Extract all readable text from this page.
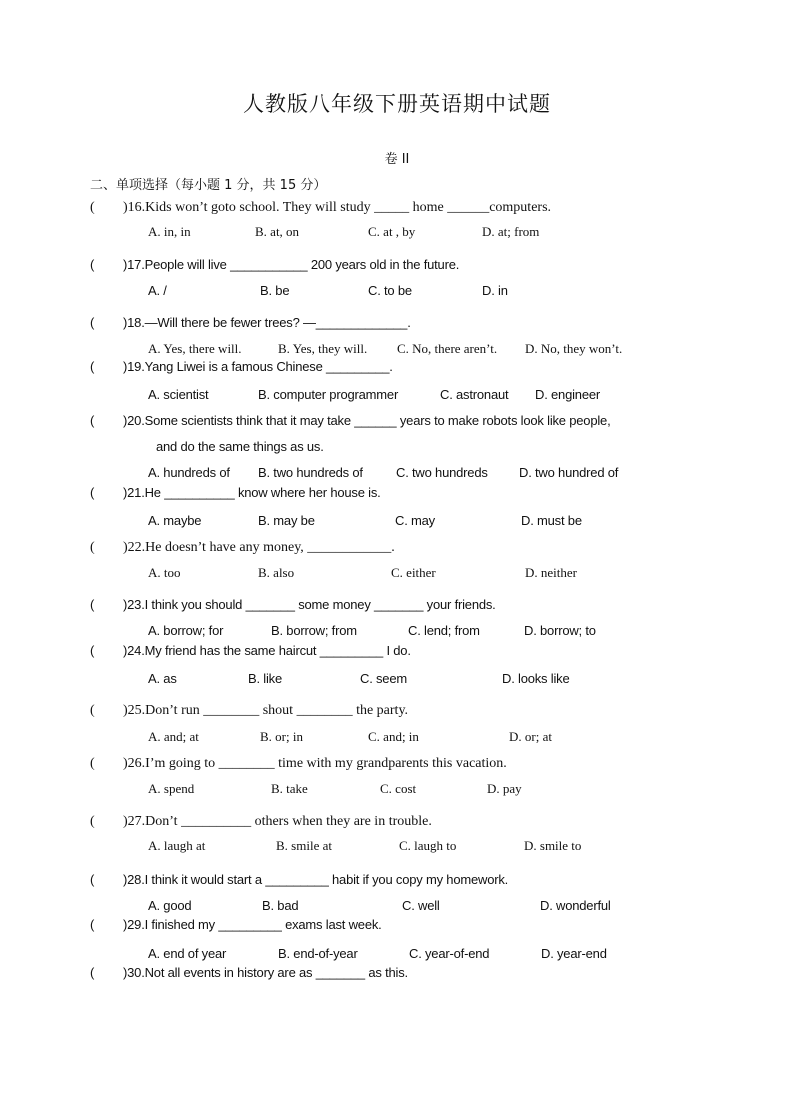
人教版八年级下册英语期中试题
卷 II
二、单项选择（每小题 1 分，共 15 分）
( )16.Kids won’t goto school. They will study _____ home ______computers.
A. in, in	B. at, on	C. at , by	D. at; from
( )17.People will live ___________ 200 years old in the future.
A. /	B. be	C. to be	D. in
( )18.—Will there be fewer trees? —_____________.
A. Yes, there will.	B. Yes, they will. C. No, there aren’t. D. No, they won’t.
( )19.Yang Liwei is a famous Chinese _________.
A. scientist	B. computer programmer	C. astronaut D. engineer
( )20.Some scientists think that it may take ______ years to make robots look like people,
and do the same things as us.
A. hundreds of B. two hundreds of	C. two hundreds D. two hundred of
( )21.He __________ know where her house is.
A. maybe	B. may be	C. may	D. must be
( )22.He doesn’t have any money, ____________.
A. too	B. also	C. either	D. neither
( )23.I think you should _______ some money _______ your friends.
A. borrow; for	B. borrow; from	C. lend; from	D. borrow; to
( )24.My friend has the same haircut _________ I do.
A. as	B. like	C. seem	D. looks like
( )25.Don’t run ________ shout ________ the party.
A. and; at	B. or; in	C. and; in	D. or; at
( )26.I’m going to ________ time with my grandparents this vacation.
A. spend	B. take	C. cost	D. pay
( )27.Don’t __________ others when they are in trouble.
A. laugh at	B. smile at	C. laugh to	D. smile to
( )28.I think it would start a _________ habit if you copy my homework.
A. good	B. bad	C. well	D. wonderful
( )29.I finished my _________ exams last week.
A. end of year	B. end-of-year	C. year-of-end	D. year-end
( )30.Not all events in history are as _______ as this.
